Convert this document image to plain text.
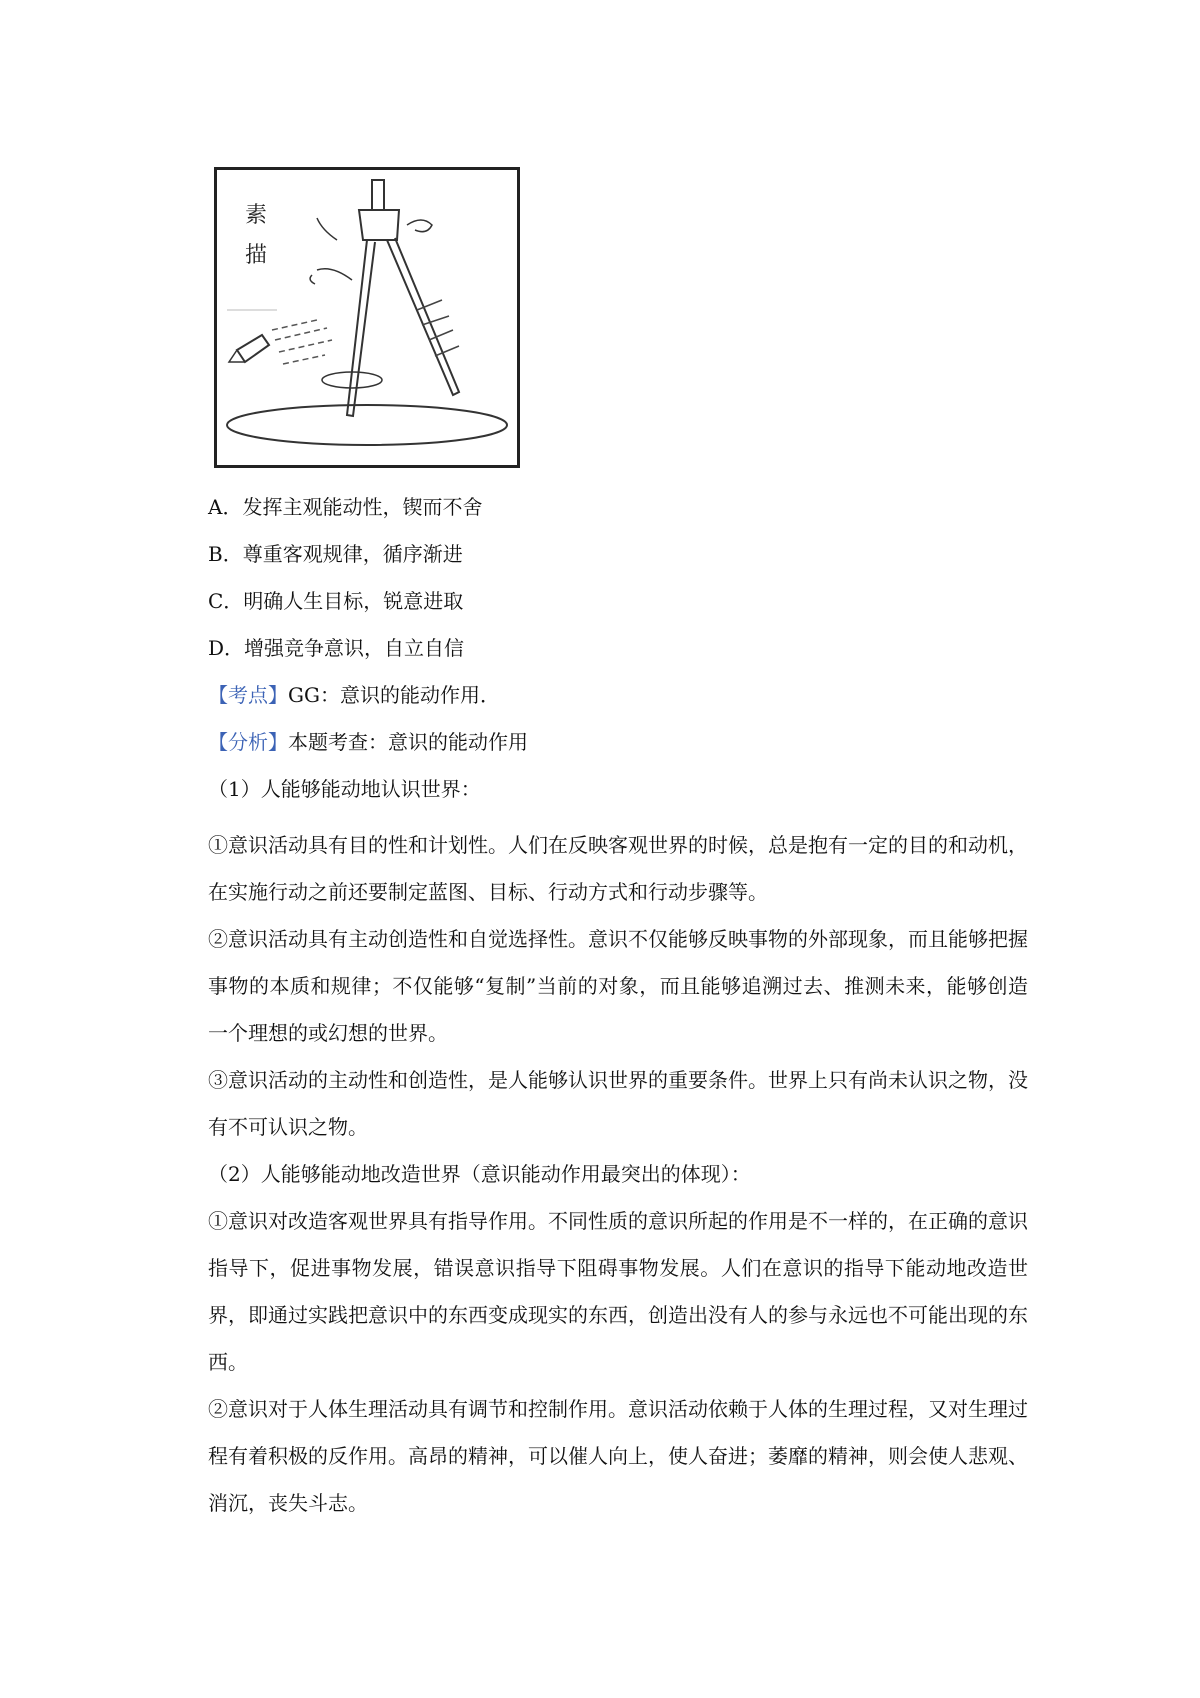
素
描
A．发挥主观能动性，锲而不舍
B．尊重客观规律，循序渐进
C．明确人生目标，锐意进取
D．增强竞争意识，自立自信
【考点】GG：意识的能动作用．
【分析】本题考查：意识的能动作用
（1）人能够能动地认识世界：
①意识活动具有目的性和计划性。人们在反映客观世界的时候，总是抱有一定的目的和动机，在实施行动之前还要制定蓝图、目标、行动方式和行动步骤等。
②意识活动具有主动创造性和自觉选择性。意识不仅能够反映事物的外部现象，而且能够把握事物的本质和规律；不仅能够“复制”当前的对象，而且能够追溯过去、推测未来，能够创造一个理想的或幻想的世界。
③意识活动的主动性和创造性，是人能够认识世界的重要条件。世界上只有尚未认识之物，没有不可认识之物。
（2）人能够能动地改造世界（意识能动作用最突出的体现）：
①意识对改造客观世界具有指导作用。不同性质的意识所起的作用是不一样的，在正确的意识指导下，促进事物发展，错误意识指导下阻碍事物发展。人们在意识的指导下能动地改造世界，即通过实践把意识中的东西变成现实的东西，创造出没有人的参与永远也不可能出现的东西。
②意识对于人体生理活动具有调节和控制作用。意识活动依赖于人体的生理过程，又对生理过程有着积极的反作用。高昂的精神，可以催人向上，使人奋进；萎靡的精神，则会使人悲观、消沉，丧失斗志。
